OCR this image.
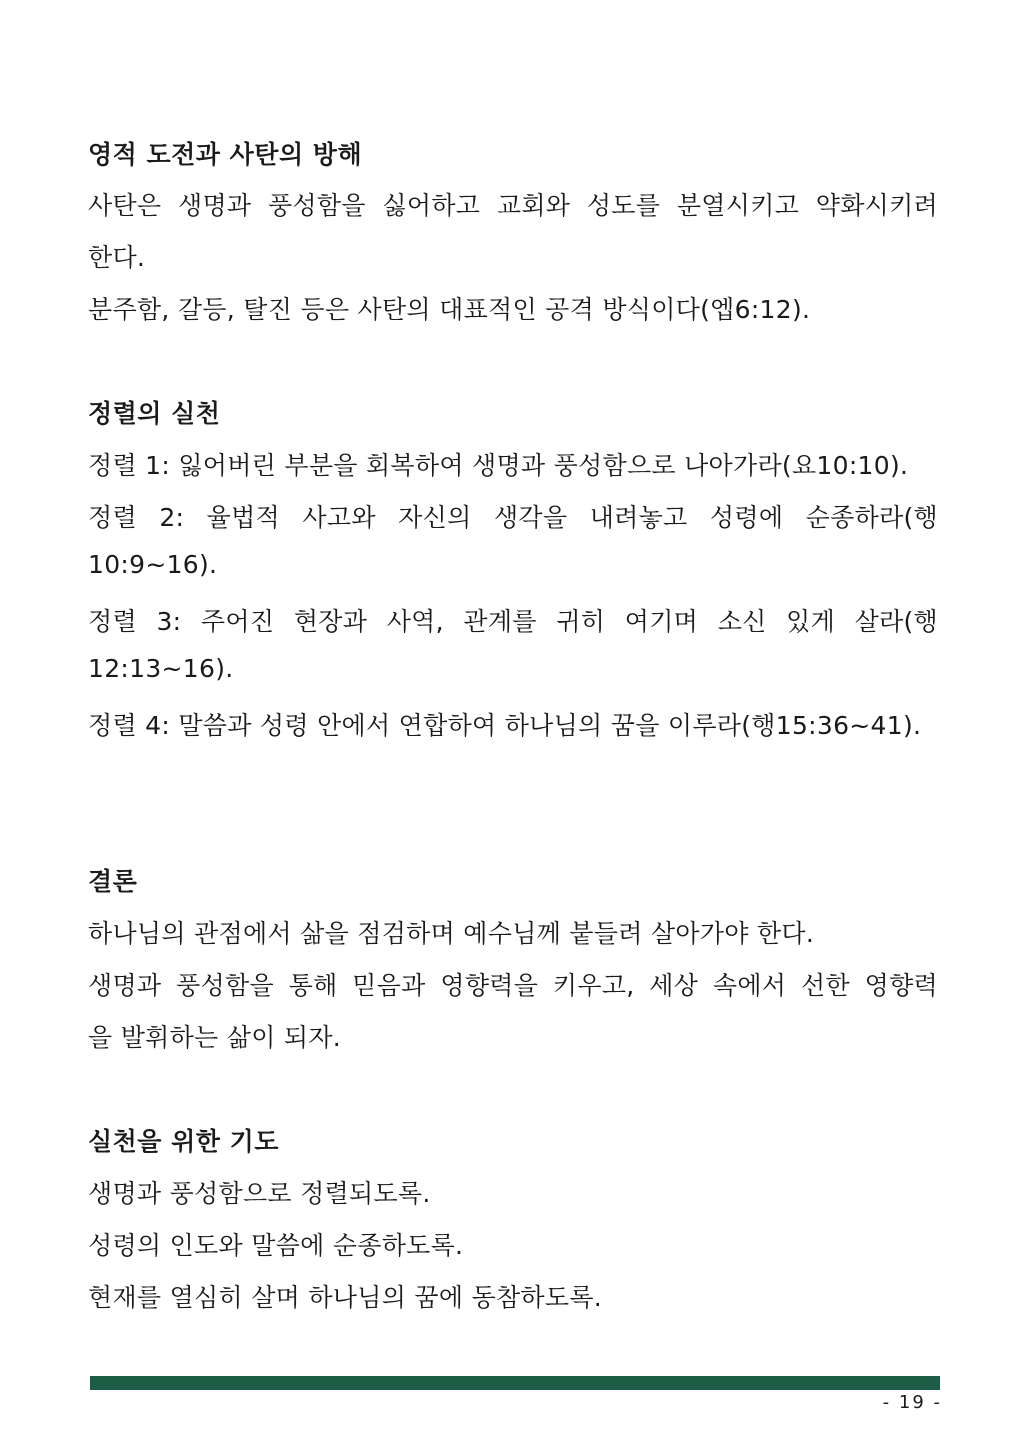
영적 도전과 사탄의 방해

사탄은 생명과 풍성함을 싫어하고 교회와 성도를 분열시키고 약화시키려

한다.

분주함, 갈등, 탈진 등은 사탄의 대표적인 공격 방식이다(엡6:12).

정렬의 실천

정렬 1: 잃어버린 부분을 회복하여 생명과 풍성함으로 나아가라(요10:10).

정렬 2: 율법적 사고와 자신의 생각을 내려놓고 성령에 순종하라(행

10:9~16).

정렬 3: 주어진 현장과 사역, 관계를 귀히 여기며 소신 있게 살라(행

12:13~16).

정렬 4: 말씀과 성령 안에서 연합하여 하나님의 꿈을 이루라(행15:36~41).

결론

하나님의 관점에서 삶을 점검하며 예수님께 붙들려 살아가야 한다.

생명과 풍성함을 통해 믿음과 영향력을 키우고, 세상 속에서 선한 영향력

을 발휘하는 삶이 되자.

실천을 위한 기도

생명과 풍성함으로 정렬되도록.

성령의 인도와 말씀에 순종하도록.

현재를 열심히 살며 하나님의 꿈에 동참하도록.

- 19 -
